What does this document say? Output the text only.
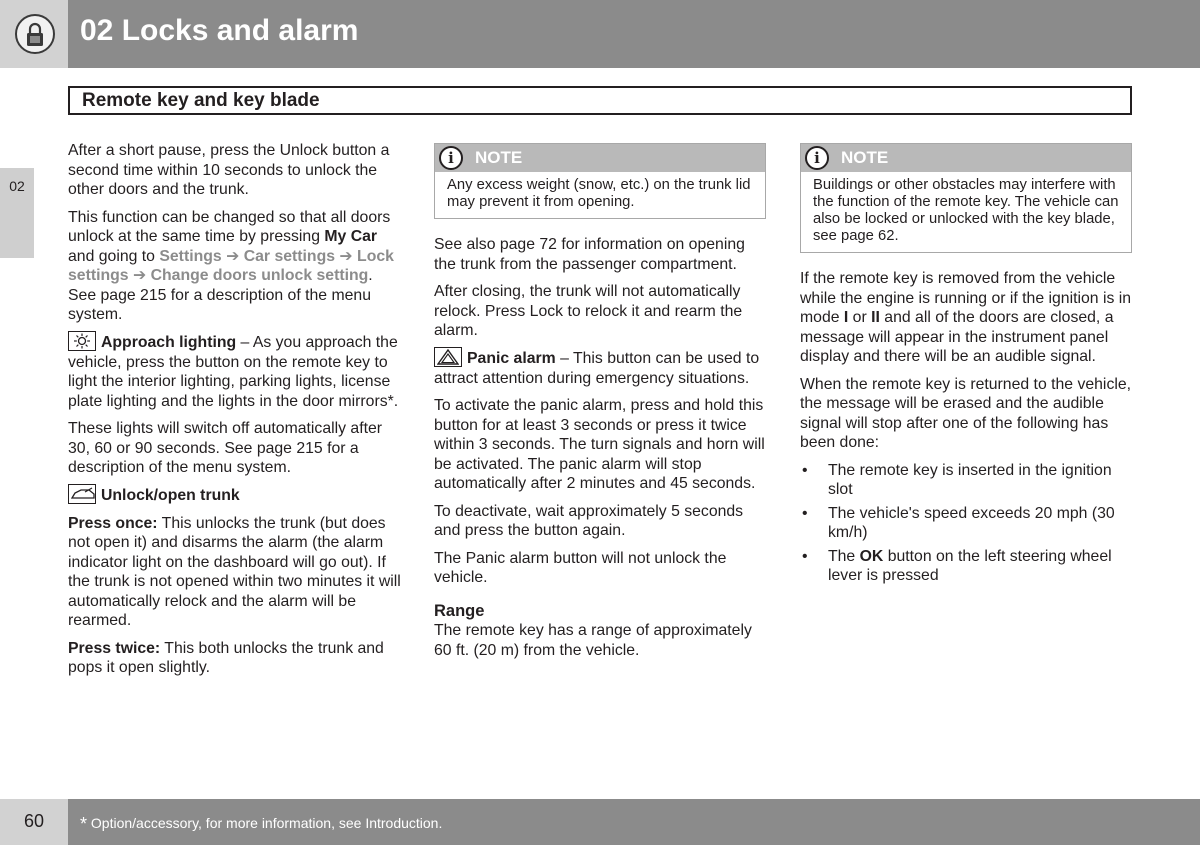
02 Locks and alarm
Remote key and key blade
02

After a short pause, press the Unlock button a second time within 10 seconds to unlock the other doors and the trunk.

This function can be changed so that all doors unlock at the same time by pressing My Car and going to Settings ➔ Car settings ➔ Lock settings ➔ Change doors unlock setting. See page 215 for a description of the menu system.

Approach lighting – As you approach the vehicle, press the button on the remote key to light the interior lighting, parking lights, license plate lighting and the lights in the door mirrors*.

These lights will switch off automatically after 30, 60 or 90 seconds. See page 215 for a description of the menu system.

Unlock/open trunk

Press once: This unlocks the trunk (but does not open it) and disarms the alarm (the alarm indicator light on the dashboard will go out). If the trunk is not opened within two minutes it will automatically relock and the alarm will be rearmed.

Press twice: This both unlocks the trunk and pops it open slightly.

i	NOTE
Any excess weight (snow, etc.) on the trunk lid may prevent it from opening.

See also page 72 for information on opening the trunk from the passenger compartment.

After closing, the trunk will not automatically relock. Press Lock to relock it and rearm the alarm.

Panic alarm – This button can be used to attract attention during emergency situations.

To activate the panic alarm, press and hold this button for at least 3 seconds or press it twice within 3 seconds. The turn signals and horn will be activated. The panic alarm will stop automatically after 2 minutes and 45 seconds.

To deactivate, wait approximately 5 seconds and press the button again.

The Panic alarm button will not unlock the vehicle.

Range

The remote key has a range of approximately 60 ft. (20 m) from the vehicle.

i	NOTE
Buildings or other obstacles may interfere with the function of the remote key. The vehicle can also be locked or unlocked with the key blade, see page 62.

If the remote key is removed from the vehicle while the engine is running or if the ignition is in mode I or II and all of the doors are closed, a message will appear in the instrument panel display and there will be an audible signal.

When the remote key is returned to the vehicle, the message will be erased and the audible signal will stop after one of the following has been done:

• The remote key is inserted in the ignition slot
• The vehicle's speed exceeds 20 mph (30 km/h)
• The OK button on the left steering wheel lever is pressed
60	* Option/accessory, for more information, see Introduction.
